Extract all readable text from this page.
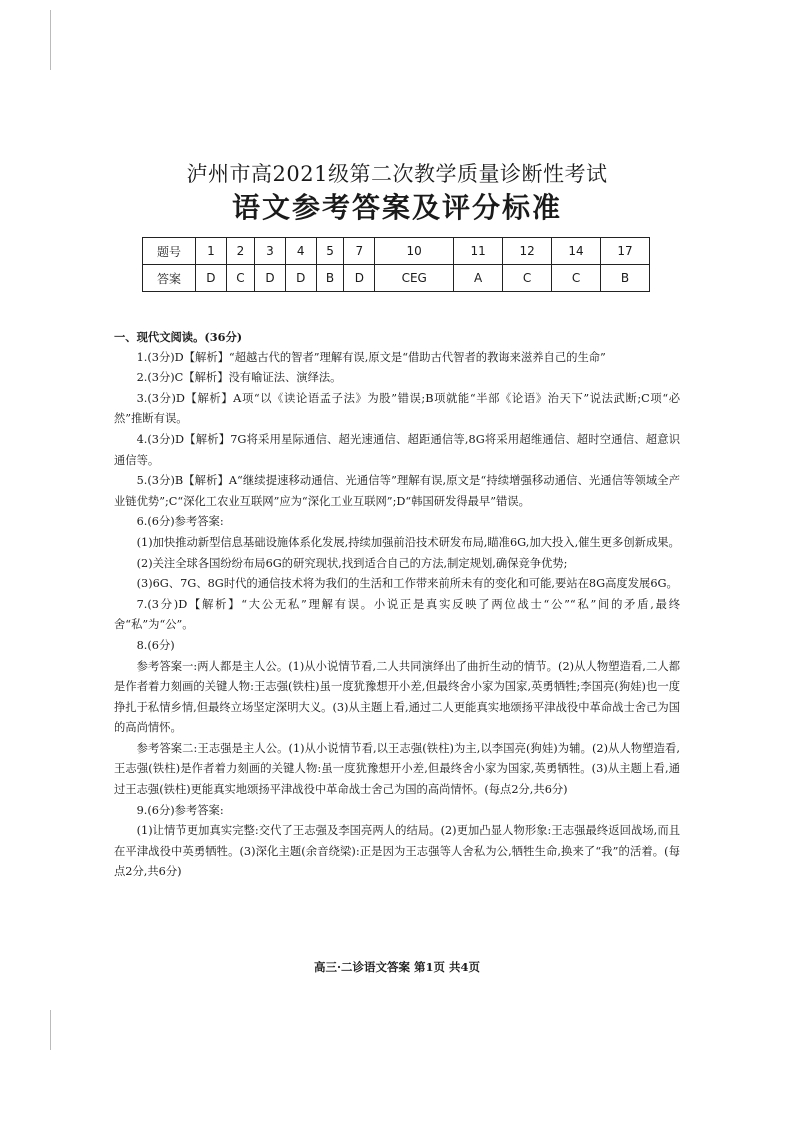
泸州市高2021级第二次教学质量诊断性考试
语文参考答案及评分标准
题号	1	2	3	4	5	7	10	11	12	14	17
答案	D	C	D	D	B	D	CEG	A	C	C	B

一、现代文阅读。(36分)

1.(3分)D【解析】“超越古代的智者”理解有误,原文是“借助古代智者的教诲来滋养自己的生命”

2.(3分)C【解析】没有喻证法、演绎法。

3.(3分)D【解析】A项“以《读论语孟子法》为股”错误;B项就能“半部《论语》治天下”说法武断;C项“必然”推断有误。

4.(3分)D【解析】7G将采用星际通信、超光速通信、超距通信等,8G将采用超维通信、超时空通信、超意识通信等。

5.(3分)B【解析】A“继续提速移动通信、光通信等”理解有误,原文是“持续增强移动通信、光通信等领域全产业链优势”;C“深化工农业互联网”应为“深化工业互联网”;D“韩国研发得最早”错误。

6.(6分)参考答案:

(1)加快推动新型信息基础设施体系化发展,持续加强前沿技术研发布局,瞄准6G,加大投入,催生更多创新成果。

(2)关注全球各国纷纷布局6G的研究现状,找到适合自己的方法,制定规划,确保竞争优势;

(3)6G、7G、8G时代的通信技术将为我们的生活和工作带来前所未有的变化和可能,要站在8G高度发展6G。

7.(3分)D【解析】“大公无私”理解有误。小说正是真实反映了两位战士“公”“私”间的矛盾,最终舍“私”为“公”。

8.(6分)

参考答案一:两人都是主人公。(1)从小说情节看,二人共同演绎出了曲折生动的情节。(2)从人物塑造看,二人都是作者着力刻画的关键人物:王志强(铁柱)虽一度犹豫想开小差,但最终舍小家为国家,英勇牺牲;李国亮(狗娃)也一度挣扎于私情乡情,但最终立场坚定深明大义。(3)从主题上看,通过二人更能真实地颂扬平津战役中革命战士舍己为国的高尚情怀。

参考答案二:王志强是主人公。(1)从小说情节看,以王志强(铁柱)为主,以李国亮(狗娃)为辅。(2)从人物塑造看,王志强(铁柱)是作者着力刻画的关键人物:虽一度犹豫想开小差,但最终舍小家为国家,英勇牺牲。(3)从主题上看,通过王志强(铁柱)更能真实地颂扬平津战役中革命战士舍己为国的高尚情怀。(每点2分,共6分)

9.(6分)参考答案:

(1)让情节更加真实完整:交代了王志强及李国亮两人的结局。(2)更加凸显人物形象:王志强最终返回战场,而且在平津战役中英勇牺牲。(3)深化主题(余音绕梁):正是因为王志强等人舍私为公,牺牲生命,换来了“我”的活着。(每点2分,共6分)

高三·二诊语文答案 第1页 共4页
